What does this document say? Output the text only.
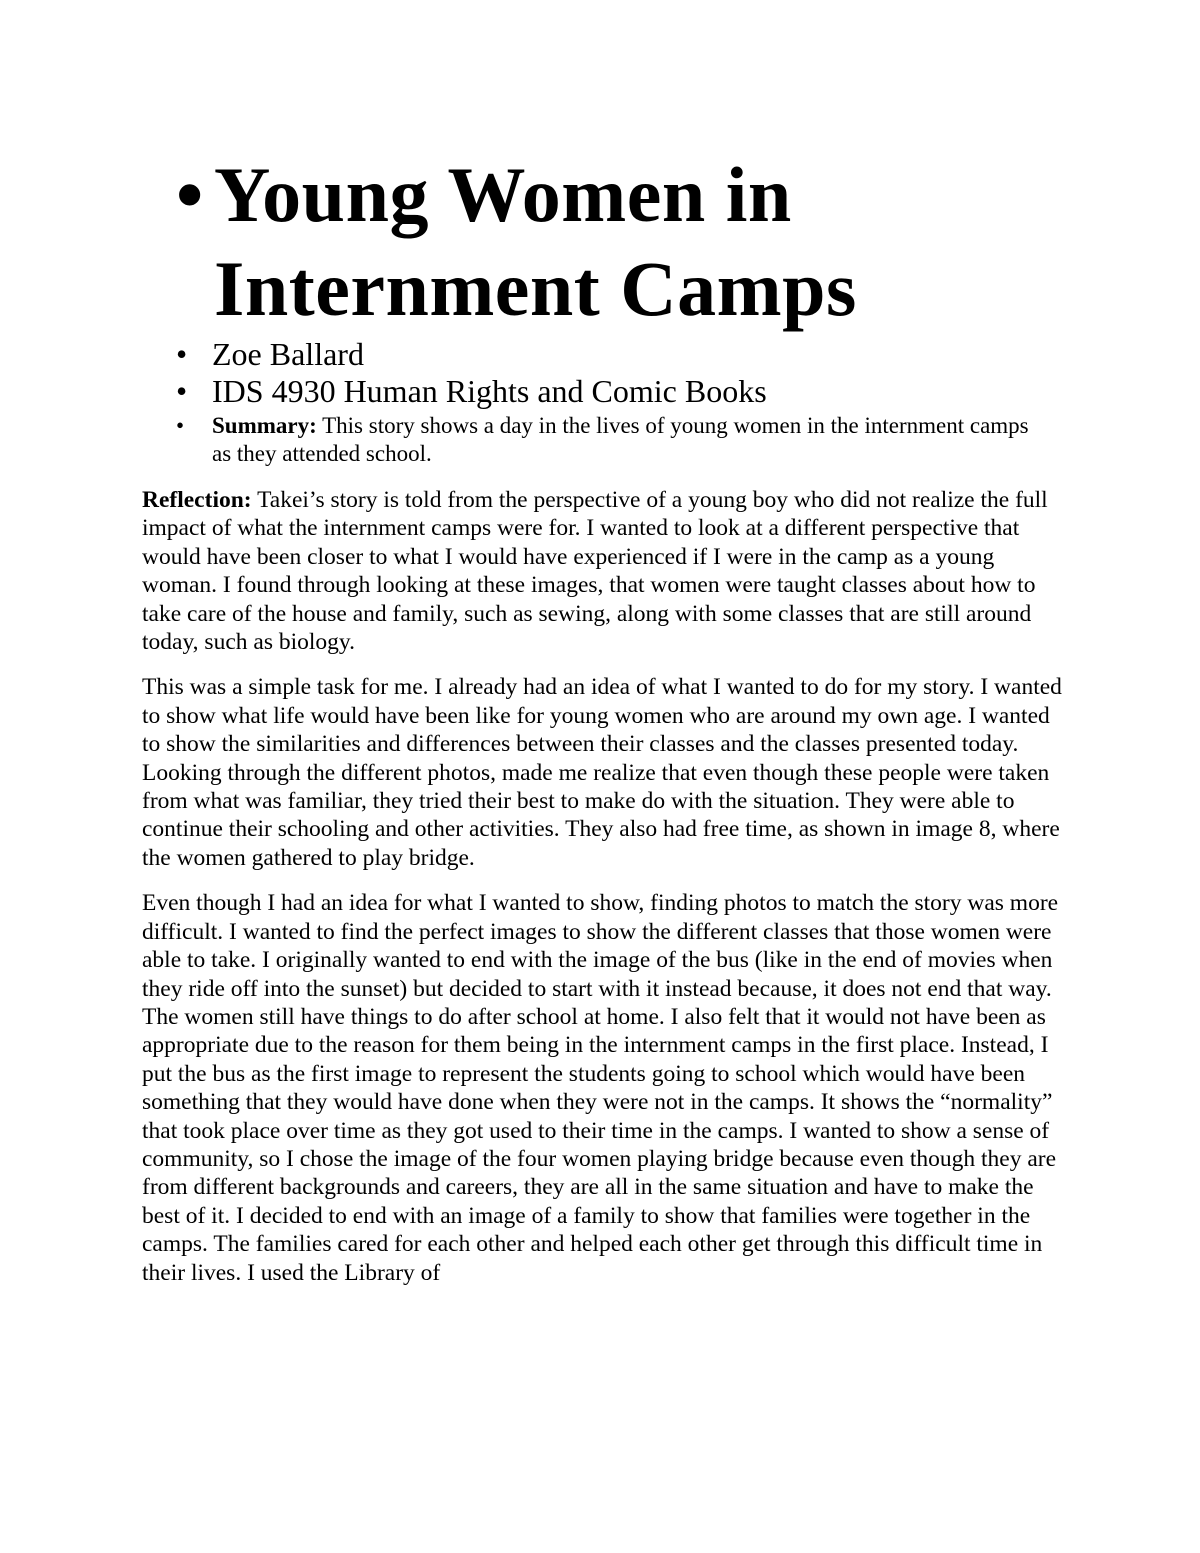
• Young Women in
Internment Camps
• Zoe Ballard
• IDS 4930 Human Rights and Comic Books
• Summary: This story shows a day in the lives of young women in the internment camps as they attended school.

Reflection: Takei’s story is told from the perspective of a young boy who did not realize the full impact of what the internment camps were for. I wanted to look at a different perspective that would have been closer to what I would have experienced if I were in the camp as a young woman. I found through looking at these images, that women were taught classes about how to take care of the house and family, such as sewing, along with some classes that are still around today, such as biology.

This was a simple task for me. I already had an idea of what I wanted to do for my story. I wanted to show what life would have been like for young women who are around my own age. I wanted to show the similarities and differences between their classes and the classes presented today. Looking through the different photos, made me realize that even though these people were taken from what was familiar, they tried their best to make do with the situation. They were able to continue their schooling and other activities. They also had free time, as shown in image 8, where the women gathered to play bridge.

Even though I had an idea for what I wanted to show, finding photos to match the story was more difficult. I wanted to find the perfect images to show the different classes that those women were able to take. I originally wanted to end with the image of the bus (like in the end of movies when they ride off into the sunset) but decided to start with it instead because, it does not end that way. The women still have things to do after school at home. I also felt that it would not have been as appropriate due to the reason for them being in the internment camps in the first place. Instead, I put the bus as the first image to represent the students going to school which would have been something that they would have done when they were not in the camps. It shows the “normality” that took place over time as they got used to their time in the camps. I wanted to show a sense of community, so I chose the image of the four women playing bridge because even though they are from different backgrounds and careers, they are all in the same situation and have to make the best of it. I decided to end with an image of a family to show that families were together in the camps. The families cared for each other and helped each other get through this difficult time in their lives. I used the Library of
